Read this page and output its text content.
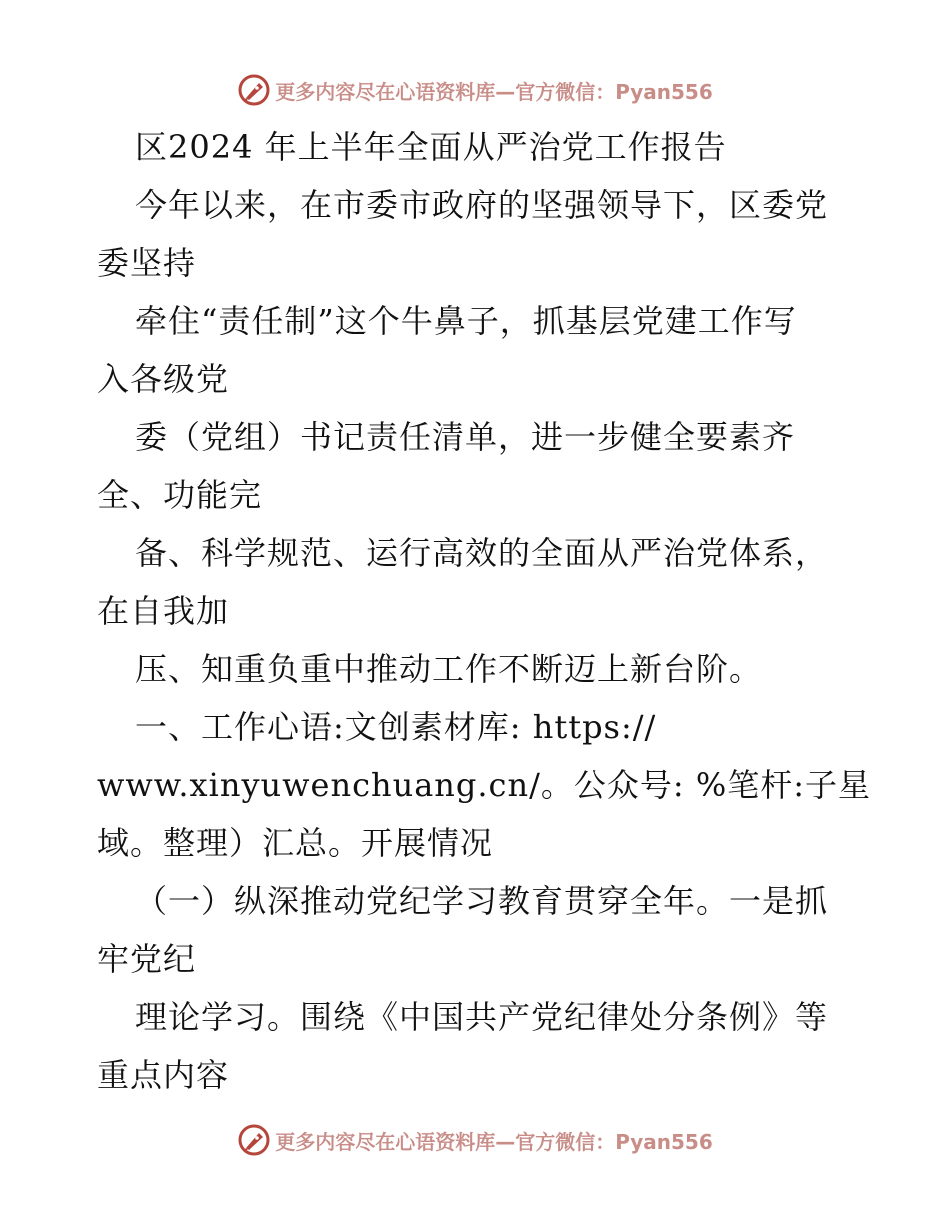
更多内容尽在心语资料库—官方微信：Pyan556
区2024 年上半年全面从严治党工作报告
今年以来，在市委市政府的坚强领导下，区委党
委坚持
牵住“责任制”这个牛鼻子，抓基层党建工作写
入各级党
委（党组）书记责任清单，进一步健全要素齐
全、功能完
备、科学规范、运行高效的全面从严治党体系，
在自我加
压、知重负重中推动工作不断迈上新台阶。
一、工作心语:文创素材库: https://
www.xinyuwenchuang.cn/。公众号: %笔杆:子星
域。整理）汇总。开展情况
（一）纵深推动党纪学习教育贯穿全年。一是抓
牢党纪
理论学习。围绕《中国共产党纪律处分条例》等
重点内容
更多内容尽在心语资料库—官方微信：Pyan556
